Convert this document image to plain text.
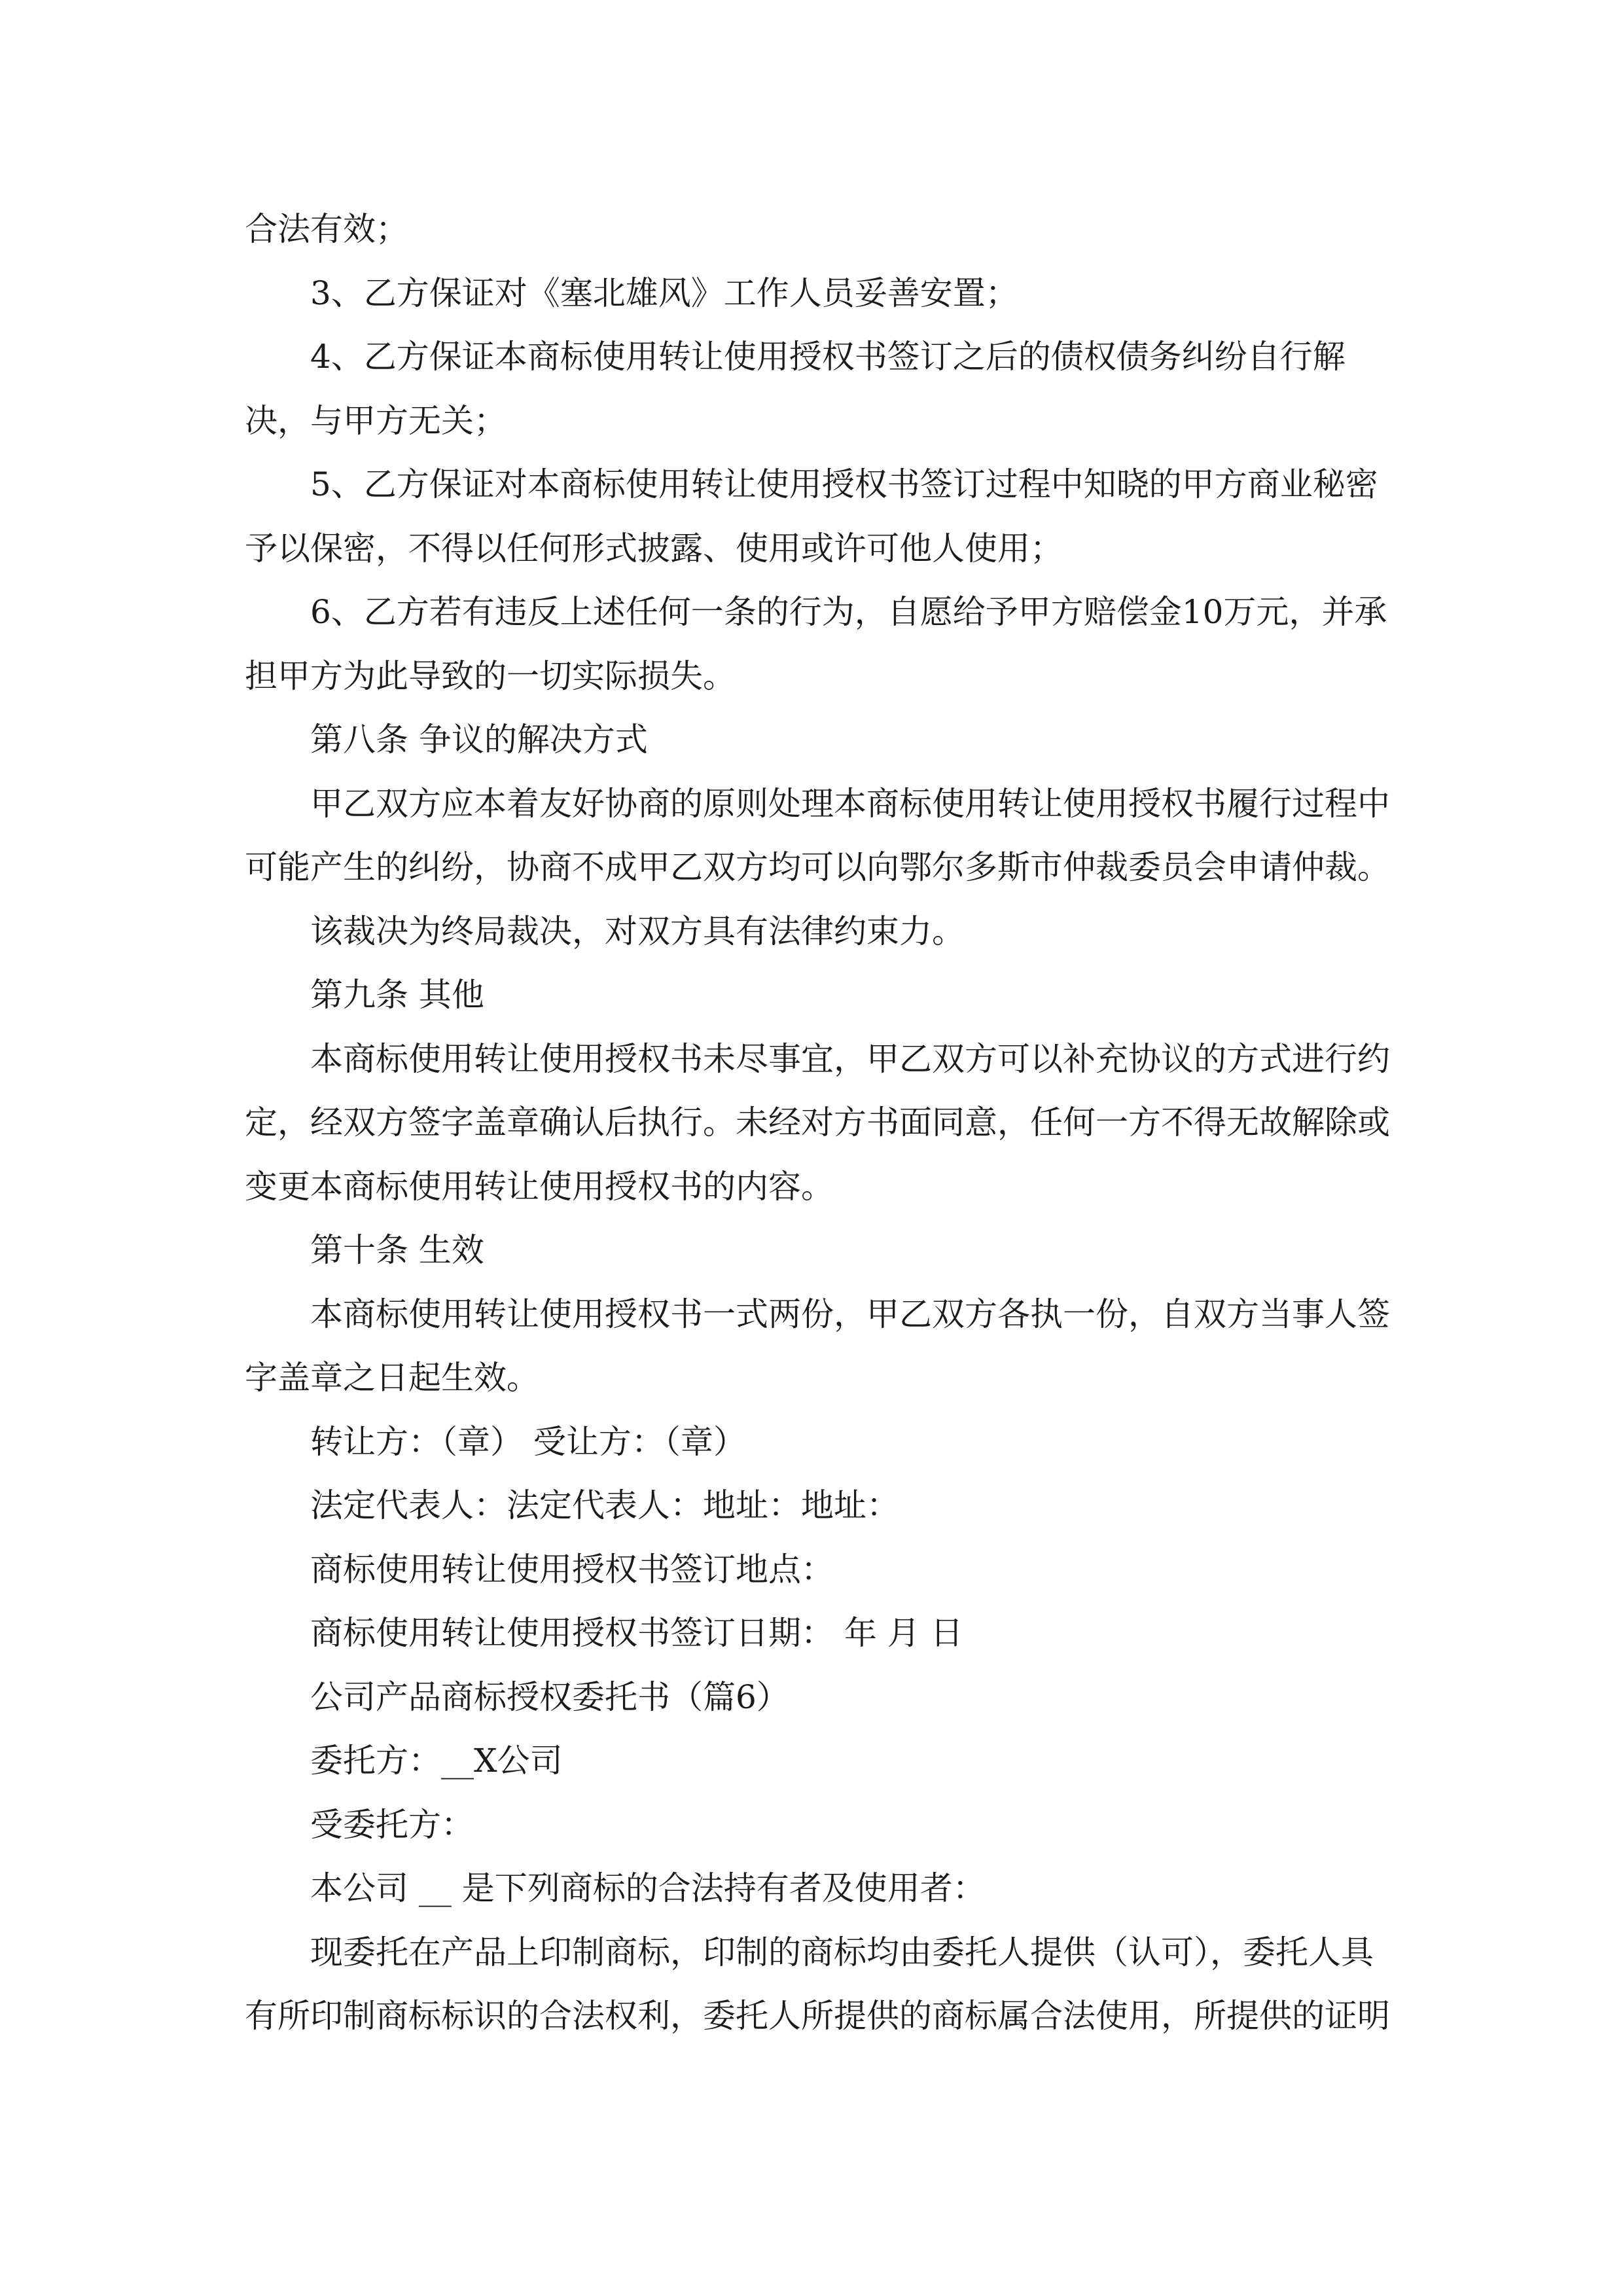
合法有效；

3、乙方保证对《塞北雄风》工作人员妥善安置；

4、乙方保证本商标使用转让使用授权书签订之后的债权债务纠纷自行解决，与甲方无关；

5、乙方保证对本商标使用转让使用授权书签订过程中知晓的甲方商业秘密予以保密，不得以任何形式披露、使用或许可他人使用；

6、乙方若有违反上述任何一条的行为，自愿给予甲方赔偿金10万元，并承担甲方为此导致的一切实际损失。

第八条 争议的解决方式

甲乙双方应本着友好协商的原则处理本商标使用转让使用授权书履行过程中可能产生的纠纷，协商不成甲乙双方均可以向鄂尔多斯市仲裁委员会申请仲裁。

该裁决为终局裁决，对双方具有法律约束力。

第九条 其他

本商标使用转让使用授权书未尽事宜，甲乙双方可以补充协议的方式进行约定，经双方签字盖章确认后执行。未经对方书面同意，任何一方不得无故解除或变更本商标使用转让使用授权书的内容。

第十条 生效

本商标使用转让使用授权书一式两份，甲乙双方各执一份，自双方当事人签字盖章之日起生效。

转让方：（章） 受让方：（章）

法定代表人：法定代表人：地址：地址：

商标使用转让使用授权书签订地点：

商标使用转让使用授权书签订日期： 年 月 日

公司产品商标授权委托书（篇6）

委托方：__X公司

受委托方：

本公司 __ 是下列商标的合法持有者及使用者：

现委托在产品上印制商标，印制的商标均由委托人提供（认可），委托人具有所印制商标标识的合法权利，委托人所提供的商标属合法使用，所提供的证明
